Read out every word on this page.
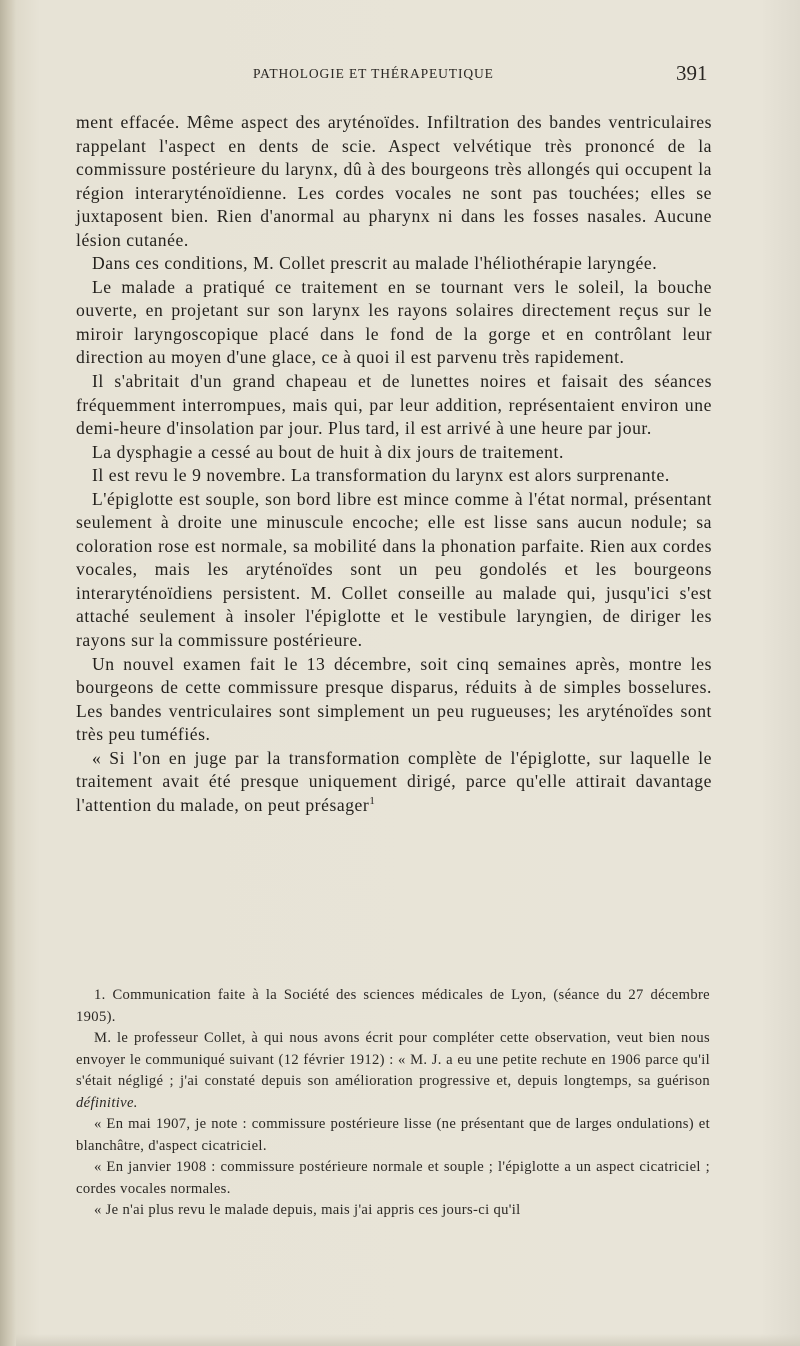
PATHOLOGIE ET THÉRAPEUTIQUE	391

ment effacée. Même aspect des aryténoïdes. Infiltration des bandes ventriculaires rappelant l'aspect en dents de scie. Aspect velvétique très prononcé de la commissure postérieure du larynx, dû à des bourgeons très allongés qui occupent la région interaryténoïdienne. Les cordes vocales ne sont pas touchées; elles se juxtaposent bien. Rien d'anormal au pharynx ni dans les fosses nasales. Aucune lésion cutanée.

Dans ces conditions, M. Collet prescrit au malade l'héliothérapie laryngée.

Le malade a pratiqué ce traitement en se tournant vers le soleil, la bouche ouverte, en projetant sur son larynx les rayons solaires directement reçus sur le miroir laryngoscopique placé dans le fond de la gorge et en contrôlant leur direction au moyen d'une glace, ce à quoi il est parvenu très rapidement.

Il s'abritait d'un grand chapeau et de lunettes noires et faisait des séances fréquemment interrompues, mais qui, par leur addition, représentaient environ une demi-heure d'insolation par jour. Plus tard, il est arrivé à une heure par jour.

La dysphagie a cessé au bout de huit à dix jours de traitement.

Il est revu le 9 novembre. La transformation du larynx est alors surprenante.

L'épiglotte est souple, son bord libre est mince comme à l'état normal, présentant seulement à droite une minuscule encoche; elle est lisse sans aucun nodule; sa coloration rose est normale, sa mobilité dans la phonation parfaite. Rien aux cordes vocales, mais les aryténoïdes sont un peu gondolés et les bourgeons interaryténoïdiens persistent. M. Collet conseille au malade qui, jusqu'ici s'est attaché seulement à insoler l'épiglotte et le vestibule laryngien, de diriger les rayons sur la commissure postérieure.

Un nouvel examen fait le 13 décembre, soit cinq semaines après, montre les bourgeons de cette commissure presque disparus, réduits à de simples bosselures. Les bandes ventriculaires sont simplement un peu rugueuses; les aryténoïdes sont très peu tuméfiés.

« Si l'on en juge par la transformation complète de l'épiglotte, sur laquelle le traitement avait été presque uniquement dirigé, parce qu'elle attirait davantage l'attention du malade, on peut présager$^1$

1. Communication faite à la Société des sciences médicales de Lyon, (séance du 27 décembre 1905).

M. le professeur Collet, à qui nous avons écrit pour compléter cette observation, veut bien nous envoyer le communiqué suivant (12 février 1912) : « M. J. a eu une petite rechute en 1906 parce qu'il s'était négligé ; j'ai constaté depuis son amélioration progressive et, depuis longtemps, sa guérison définitive.

« En mai 1907, je note : commissure postérieure lisse (ne présentant que de larges ondulations) et blanchâtre, d'aspect cicatriciel.

« En janvier 1908 : commissure postérieure normale et souple ; l'épiglotte a un aspect cicatriciel ; cordes vocales normales.

« Je n'ai plus revu le malade depuis, mais j'ai appris ces jours-ci qu'il
